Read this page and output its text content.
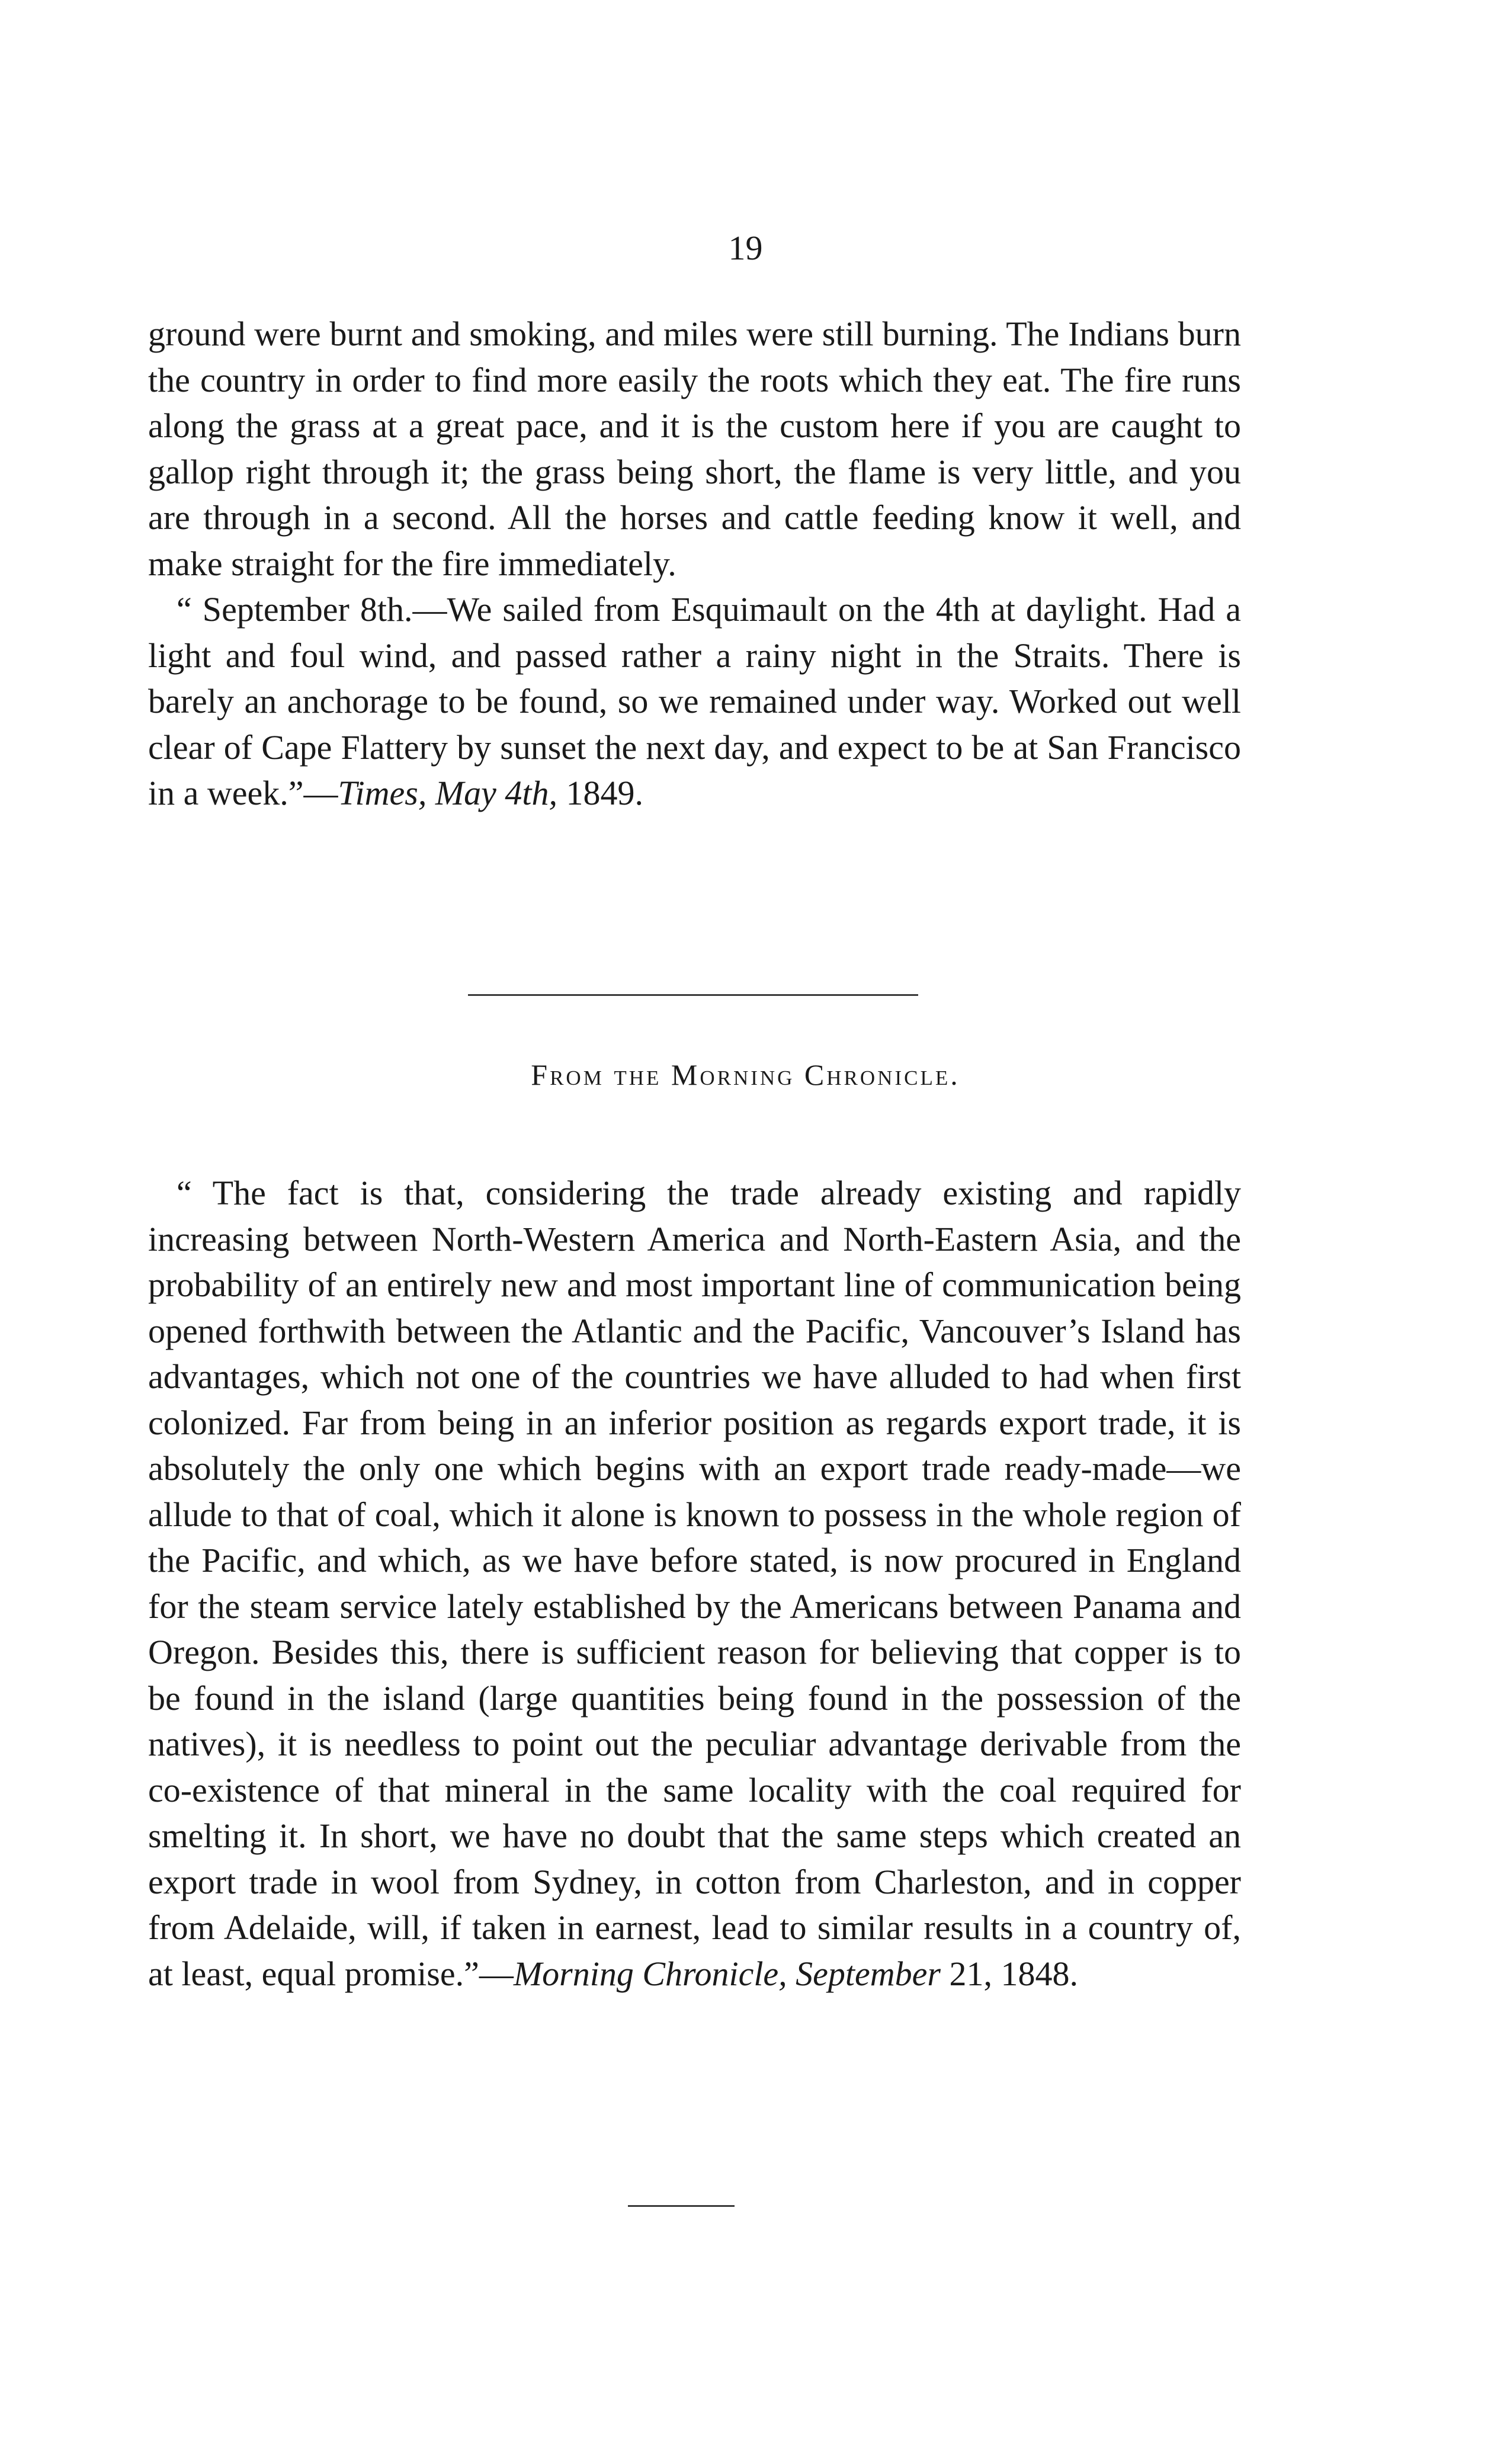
19

ground were burnt and smoking, and miles were still burning. The Indians burn the country in order to find more easily the roots which they eat. The fire runs along the grass at a great pace, and it is the custom here if you are caught to gallop right through it; the grass being short, the flame is very little, and you are through in a second. All the horses and cattle feeding know it well, and make straight for the fire immediately.

“ September 8th.—We sailed from Esquimault on the 4th at daylight. Had a light and foul wind, and passed rather a rainy night in the Straits. There is barely an anchorage to be found, so we remained under way. Worked out well clear of Cape Flattery by sunset the next day, and expect to be at San Francisco in a week.”—Times, May 4th, 1849.

From the Morning Chronicle.

“ The fact is that, considering the trade already existing and rapidly increasing between North-Western America and North-Eastern Asia, and the probability of an entirely new and most important line of communication being opened forthwith between the Atlantic and the Pacific, Vancouver’s Island has advantages, which not one of the countries we have alluded to had when first colonized. Far from being in an inferior position as regards export trade, it is absolutely the only one which begins with an export trade ready-made—we allude to that of coal, which it alone is known to possess in the whole region of the Pacific, and which, as we have before stated, is now procured in England for the steam service lately established by the Americans between Panama and Oregon. Besides this, there is sufficient reason for believing that copper is to be found in the island (large quantities being found in the possession of the natives), it is needless to point out the peculiar advantage derivable from the co-existence of that mineral in the same locality with the coal required for smelting it. In short, we have no doubt that the same steps which created an export trade in wool from Sydney, in cotton from Charleston, and in copper from Adelaide, will, if taken in earnest, lead to similar results in a country of, at least, equal promise.”—Morning Chronicle, September 21, 1848.
